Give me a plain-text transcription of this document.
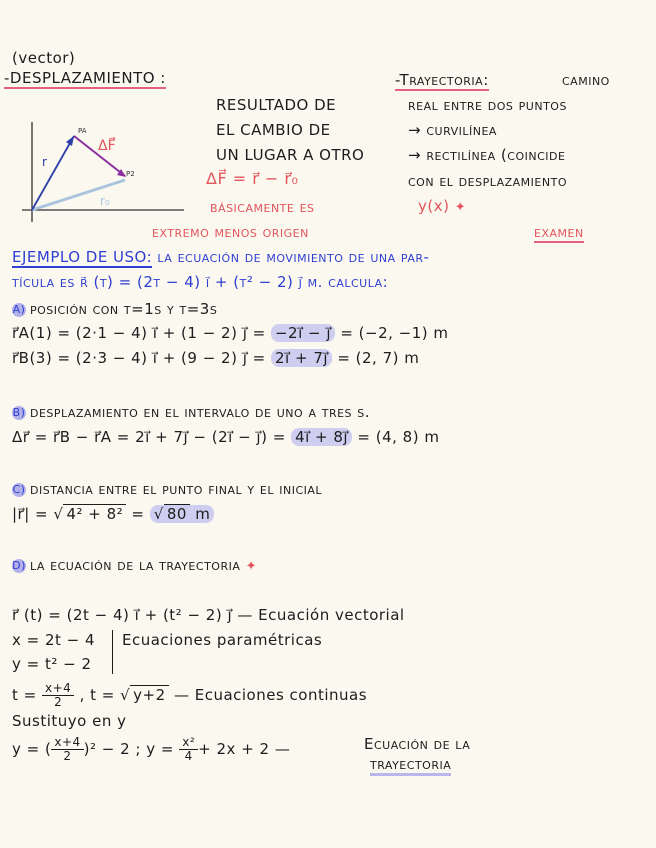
(vector)
-DESPLAZAMIENTO :
PA
P2
r
r₀
ΔF⃗
RESULTADO DE
EL CAMBIO DE
UN LUGAR A OTRO
ΔF⃗ = r⃗ − r⃗₀
básicamente es
extremo menos origen
-Trayectoria:	camino
real entre dos puntos
→ curvilínea
→ rectilínea (coincide
con el desplazamiento
y(x) ✦
examen
EJEMPLO DE USO: la ecuación de movimiento de una par-
tícula es r⃗ (t) = (2t − 4) i⃗ + (t² − 2) j⃗ m. calcula:
A) posición con t=1s y t=3s
r⃗A(1) = (2·1 − 4) i⃗ + (1 − 2) j⃗ = −2i⃗ − j⃗ = (−2, −1) m
r⃗B(3) = (2·3 − 4) i⃗ + (9 − 2) j⃗ = 2i⃗ + 7j⃗ = (2, 7) m
B) desplazamiento en el intervalo de uno a tres s.
Δr⃗ = r⃗B − r⃗A = 2i⃗ + 7j⃗ − (2i⃗ − j⃗) = 4i⃗ + 8j⃗ = (4, 8) m
C) distancia entre el punto final y el inicial
|r⃗| = √ 4² + 8² = √ 80 m
D) la ecuación de la trayectoria ✦
r⃗ (t) = (2t − 4) i⃗ + (t² − 2) j⃗ — Ecuación vectorial
x = 2t − 4
y = t² − 2
Ecuaciones paramétricas
$t = \frac{x+4}{2}$ , t = √ y+2 — Ecuaciones continuas
Sustituyo en y
y = ( $\frac{x+4}{2} )^2 - 2$ ; $y = \frac{\text{x²}}{4} + 2x + 2$ —	Ecuación de la
trayectoria
